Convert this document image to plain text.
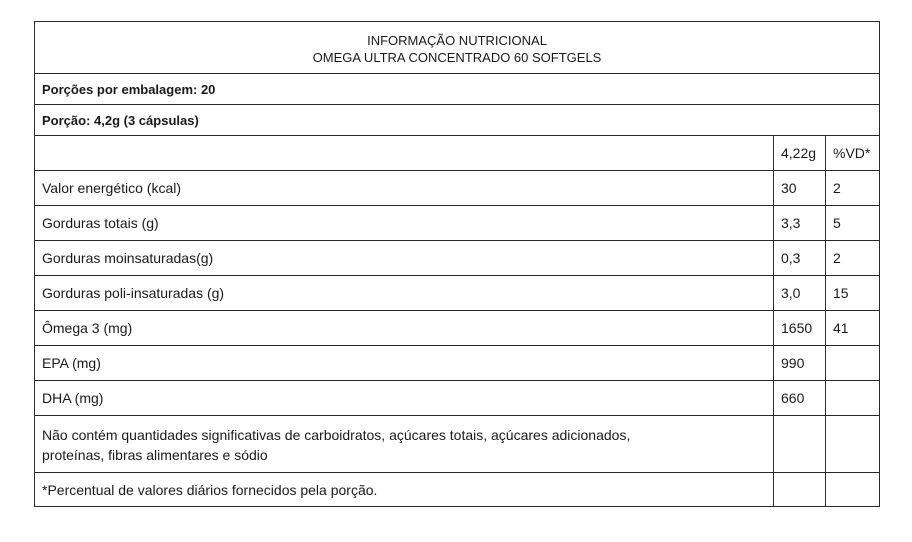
INFORMAÇÃO NUTRICIONAL
OMEGA ULTRA CONCENTRADO 60 SOFTGELS		

Porções por embalagem: 20		
Porção: 4,2g (3 cápsulas)		
	4,22g	%VD*
Valor energético (kcal)	30	2
Gorduras totais (g)	3,3	5
Gorduras moinsaturadas(g)	0,3	2
Gorduras poli-insaturadas (g)	3,0	15
Ômega 3 (mg)	1650	41
EPA (mg)	990	
DHA (mg)	660	

Não contém quantidades significativas de carboidratos, açúcares totais, açúcares adicionados,
proteínas, fibras alimentares e sódio		

*Percentual de valores diários fornecidos pela porção.		
